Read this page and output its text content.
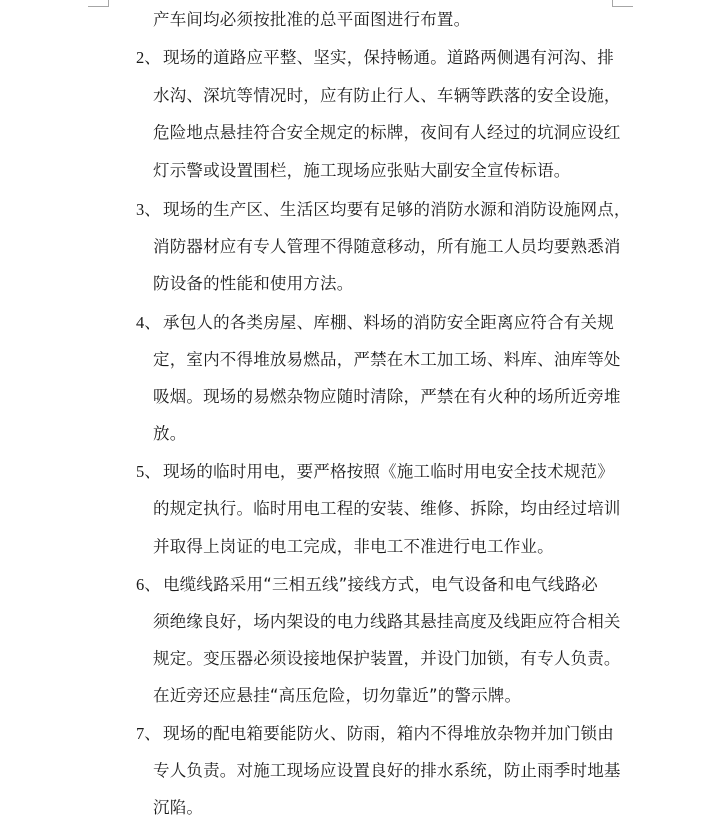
产车间均必须按批准的总平面图进行布置。
2、 现场的道路应平整、坚实，保持畅通。道路两侧遇有河沟、排
水沟、深坑等情况时，应有防止行人、车辆等跌落的安全设施，
危险地点悬挂符合安全规定的标牌，夜间有人经过的坑洞应设红
灯示警或设置围栏，施工现场应张贴大副安全宣传标语。
3、 现场的生产区、生活区均要有足够的消防水源和消防设施网点，
消防器材应有专人管理不得随意移动，所有施工人员均要熟悉消
防设备的性能和使用方法。
4、 承包人的各类房屋、库棚、料场的消防安全距离应符合有关规
定，室内不得堆放易燃品，严禁在木工加工场、料库、油库等处
吸烟。现场的易燃杂物应随时清除，严禁在有火种的场所近旁堆
放。
5、 现场的临时用电，要严格按照《施工临时用电安全技术规范》
的规定执行。临时用电工程的安装、维修、拆除，均由经过培训
并取得上岗证的电工完成，非电工不准进行电工作业。
6、 电缆线路采用“三相五线”接线方式，电气设备和电气线路必
须绝缘良好，场内架设的电力线路其悬挂高度及线距应符合相关
规定。变压器必须设接地保护装置，并设门加锁，有专人负责。
在近旁还应悬挂“高压危险，切勿靠近”的警示牌。
7、 现场的配电箱要能防火、防雨，箱内不得堆放杂物并加门锁由
专人负责。对施工现场应设置良好的排水系统，防止雨季时地基
沉陷。
